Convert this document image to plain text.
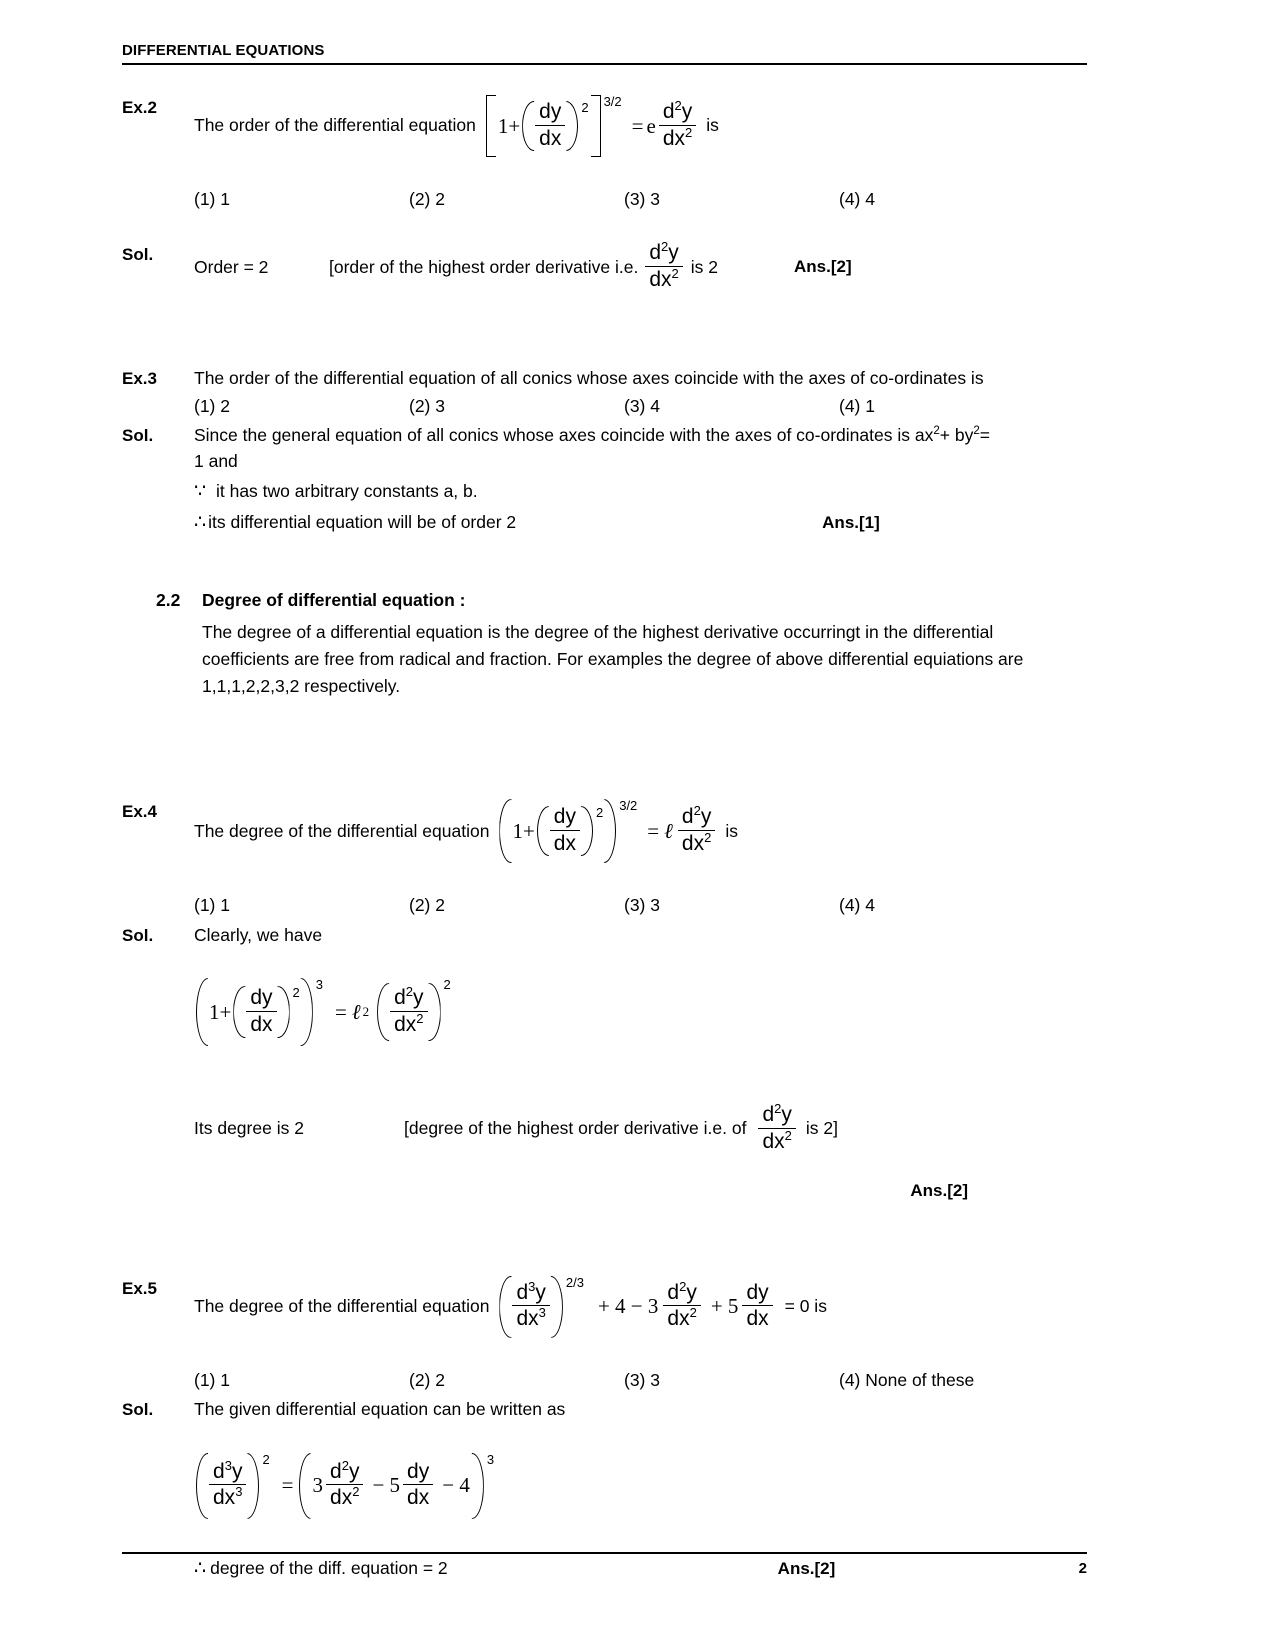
DIFFERENTIAL EQUATIONS
Ex.2
The order of the differential equation $1+ \frac{dy}{dx} 2$ 3/2
= e $\frac{d^2y}{dx^2}$ is
(1) 1	(2) 2	(3) 3	(4) 4
Sol.
Order = 2	[order of the highest order derivative i.e. $\frac{d^2y}{dx^2}$ is 2	Ans.[2]
Ex.3	The order of the differential equation of all conics whose axes coincide with the axes of co-ordinates is
(1) 2	(2) 3	(3) 4	(4) 1
Sol.	Since the general equation of all conics whose axes coincide with the axes of co-ordinates is $ax^2+ by^2=$
1 and
∵ it has two arbitrary constants a, b.
∴ its differential equation will be of order 2	Ans.[1]
2.2	Degree of differential equation :
The degree of a differential equation is the degree of the highest derivative occurringt in the differential
coefficients are free from radical and fraction. For examples the degree of above differential equiations are
1,1,1,2,2,3,2 respectively.
Ex.4
The degree of the differential equation $1+ \frac{dy}{dx} 2$ 3/2
= ℓ $\frac{d^2y}{dx^2}$ is
(1) 1	(2) 2	(3) 3	(4) 4
Sol.	Clearly, we have
$1+ \frac{dy}{dx} 2$
3
= ℓ $2 \frac{d^2y}{dx^2}$
2
Its degree is 2	[degree of the highest order derivative i.e. of $\frac{d^2y}{dx^2}$ is 2]
Ans.[2]
Ex.5
The degree of the differential equation $\frac{d^3y}{dx^3} 2/3$
+ $4 - 3 \frac{d^2y}{dx^2} + 5 \frac{dy}{dx} = 0$ is
(1) 1	(2) 2	(3) 3	(4) None of these
Sol.	The given differential equation can be written as
$\frac{d^3y}{dx^3}$
2
= $3 \frac{d^2y}{dx^2} - 5 \frac{dy}{dx} - 4$
3
∴ degree of the diff. equation = 2	Ans.[2]	2
